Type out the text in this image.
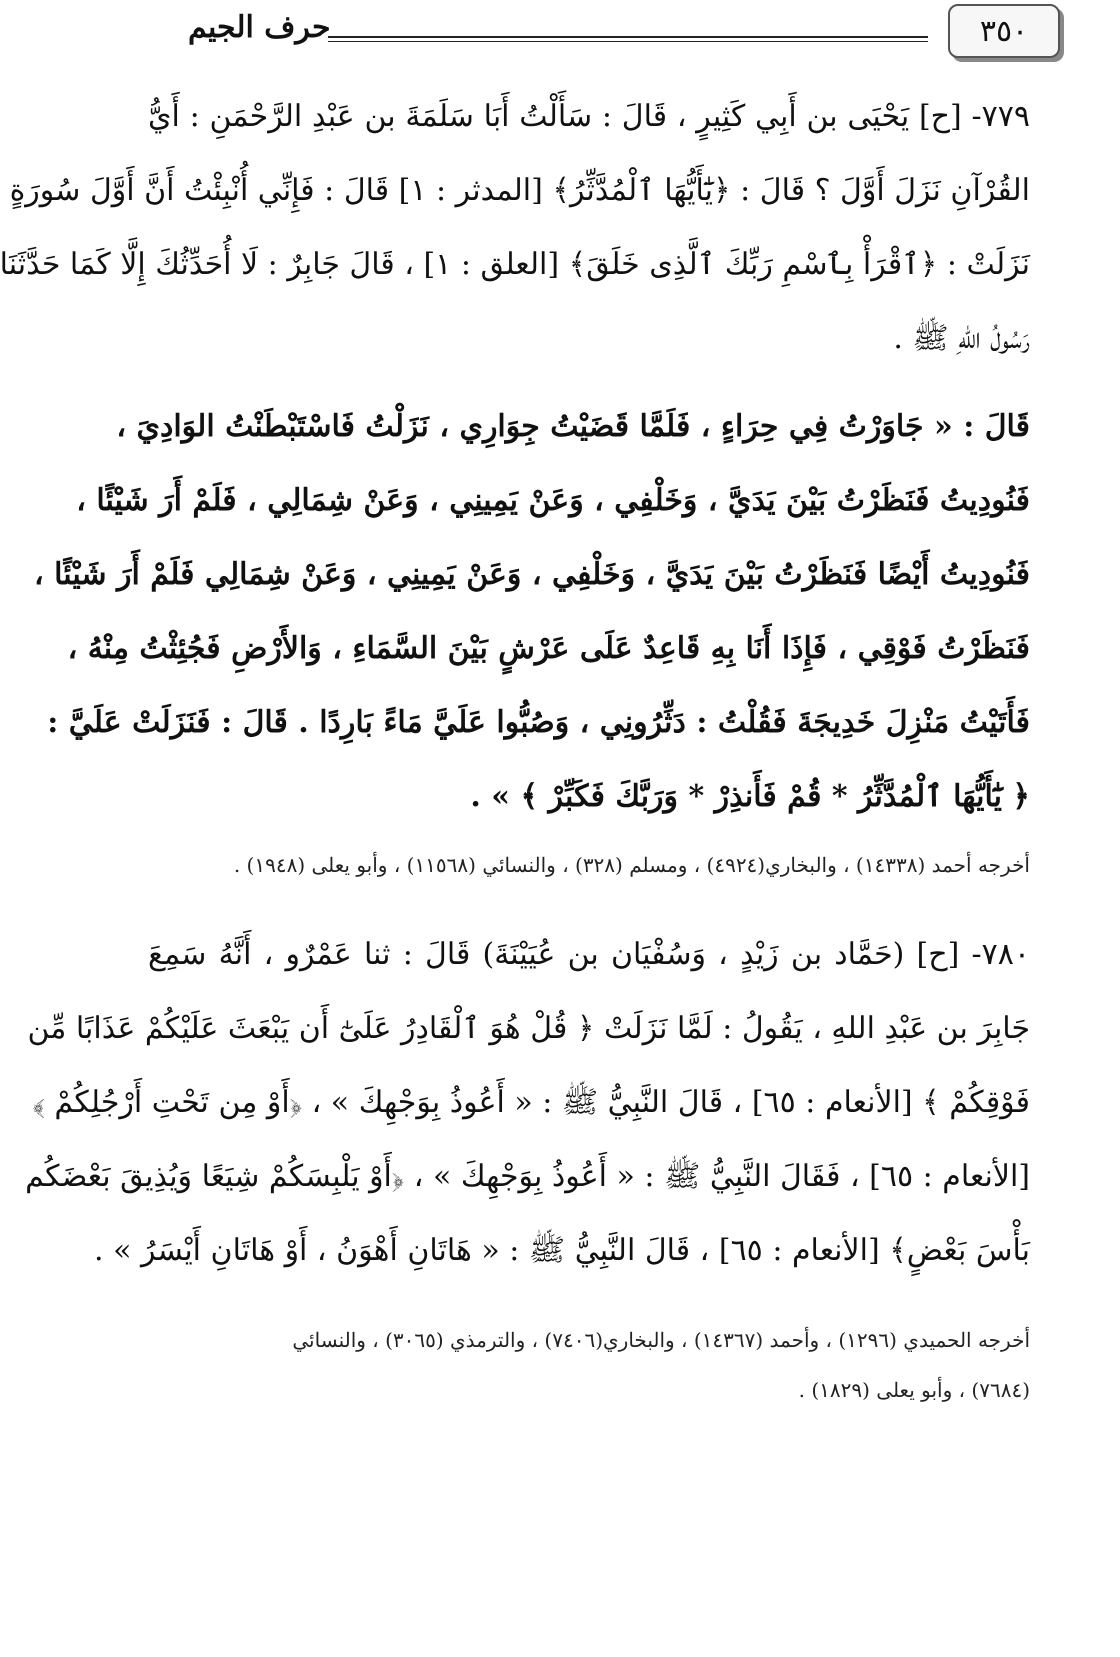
٣٥٠
حرف الجيم
٧٧٩- [ح] يَحْيَى بن أَبِي كَثِيرٍ ، قَالَ : سَأَلْتُ أَبَا سَلَمَةَ بن عَبْدِ الرَّحْمَنِ : أَيُّ
القُرْآنِ نَزَلَ أَوَّلَ ؟ قَالَ : ﴿يَٰٓأَيُّهَا ٱلْمُدَّثِّرُ﴾ [المدثر : ١] قَالَ : فَإِنِّي أُنْبِئْتُ أَنَّ أَوَّلَ سُورَةٍ
نَزَلَتْ : ﴿ٱقْرَأْ بِٱسْمِ رَبِّكَ ٱلَّذِى خَلَقَ﴾ [العلق : ١] ، قَالَ جَابِرٌ : لَا أُحَدِّثُكَ إِلَّا كَمَا حَدَّثَنَا
رَسُولُ اللهِ ﷺ .
قَالَ : « جَاوَرْتُ فِي حِرَاءٍ ، فَلَمَّا قَضَيْتُ جِوَارِي ، نَزَلْتُ فَاسْتَبْطَنْتُ الوَادِيَ ،
فَنُودِيتُ فَنَظَرْتُ بَيْنَ يَدَيَّ ، وَخَلْفِي ، وَعَنْ يَمِينِي ، وَعَنْ شِمَالِي ، فَلَمْ أَرَ شَيْئًا ،
فَنُودِيتُ أَيْضًا فَنَظَرْتُ بَيْنَ يَدَيَّ ، وَخَلْفِي ، وَعَنْ يَمِينِي ، وَعَنْ شِمَالِي فَلَمْ أَرَ شَيْئًا ،
فَنَظَرْتُ فَوْقِي ، فَإِذَا أَنَا بِهِ قَاعِدٌ عَلَى عَرْشٍ بَيْنَ السَّمَاءِ ، وَالأَرْضِ فَجُئِثْتُ مِنْهُ ،
فَأَتَيْتُ مَنْزِلَ خَدِيجَةَ فَقُلْتُ : دَثِّرُونِي ، وَصُبُّوا عَلَيَّ مَاءً بَارِدًا . قَالَ : فَنَزَلَتْ عَلَيَّ :
﴿ يَٰٓأَيُّهَا ٱلْمُدَّثِّرُ * قُمْ فَأَنذِرْ * وَرَبَّكَ فَكَبِّرْ ﴾ » .
أخرجه أحمد (١٤٣٣٨) ، والبخاري(٤٩٢٤) ، ومسلم (٣٢٨) ، والنسائي (١١٥٦٨) ، وأبو يعلى (١٩٤٨) .
٧٨٠- [ح] (حَمَّاد بن زَيْدٍ ، وَسُفْيَان بن عُيَيْنَةَ) قَالَ : ثنا عَمْرٌو ، أَنَّهُ سَمِعَ
جَابِرَ بن عَبْدِ اللهِ ، يَقُولُ : لَمَّا نَزَلَتْ ﴿ قُلْ هُوَ ٱلْقَادِرُ عَلَىٰٓ أَن يَبْعَثَ عَلَيْكُمْ عَذَابًا مِّن
فَوْقِكُمْ ﴾ [الأنعام : ٦٥] ، قَالَ النَّبِيُّ ﷺ : « أَعُوذُ بِوَجْهِكَ » ، ﴿أَوْ مِن تَحْتِ أَرْجُلِكُمْ ﴾
[الأنعام : ٦٥] ، فَقَالَ النَّبِيُّ ﷺ : « أَعُوذُ بِوَجْهِكَ » ، ﴿أَوْ يَلْبِسَكُمْ شِيَعًا وَيُذِيقَ بَعْضَكُم
بَأْسَ بَعْضٍ﴾ [الأنعام : ٦٥] ، قَالَ النَّبِيُّ ﷺ : « هَاتَانِ أَهْوَنُ ، أَوْ هَاتَانِ أَيْسَرُ » .
أخرجه الحميدي (١٢٩٦) ، وأحمد (١٤٣٦٧) ، والبخاري(٧٤٠٦) ، والترمذي (٣٠٦٥) ، والنسائي
(٧٦٨٤) ، وأبو يعلى (١٨٢٩) .
